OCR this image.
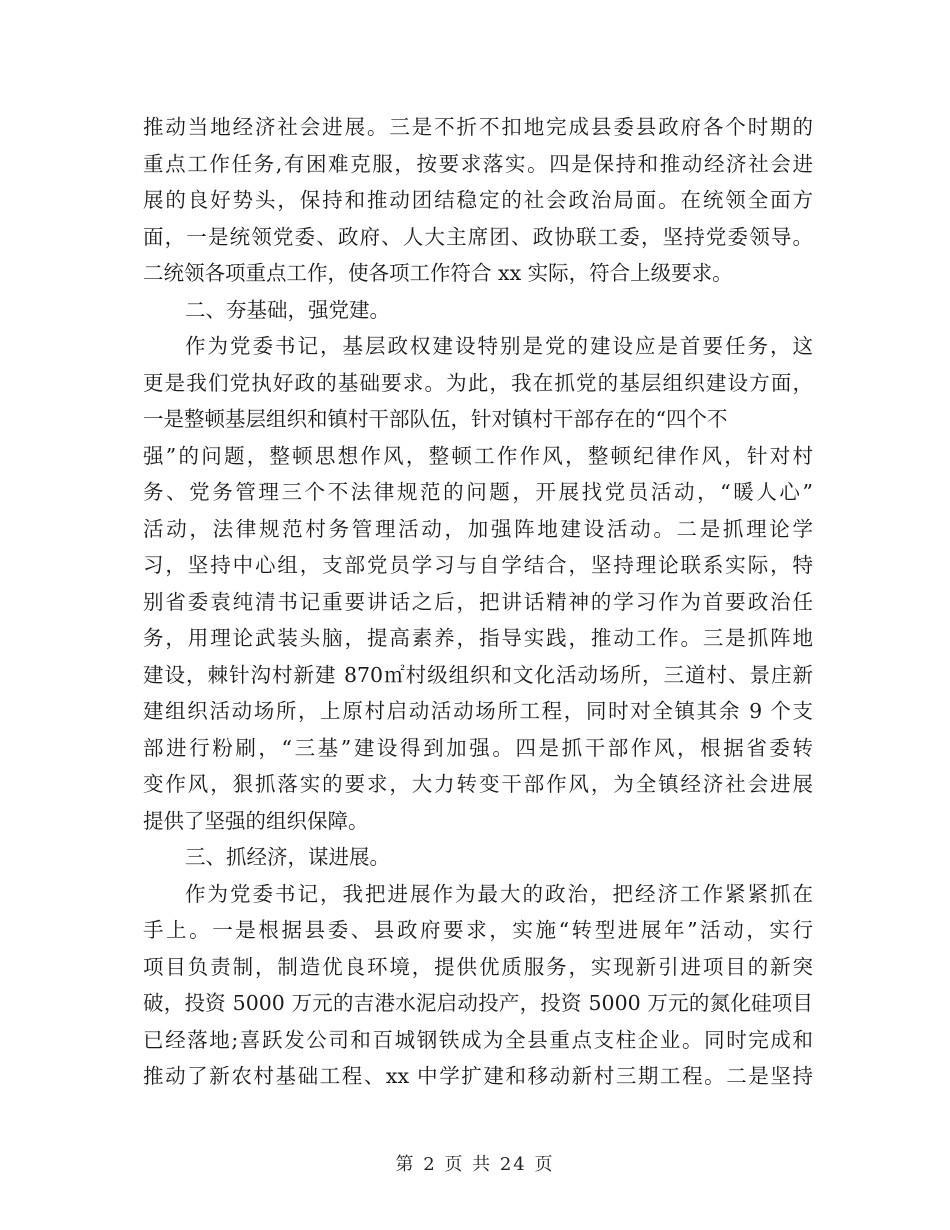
推动当地经济社会进展。三是不折不扣地完成县委县政府各个时期的
重点工作任务,有困难克服，按要求落实。四是保持和推动经济社会进
展的良好势头，保持和推动团结稳定的社会政治局面。在统领全面方
面，一是统领党委、政府、人大主席团、政协联工委，坚持党委领导。
二统领各项重点工作，使各项工作符合 xx 实际，符合上级要求。
二、夯基础，强党建。
作为党委书记，基层政权建设特别是党的建设应是首要任务，这
更是我们党执好政的基础要求。为此，我在抓党的基层组织建设方面，
一是整顿基层组织和镇村干部队伍，针对镇村干部存在的“四个不
强”的问题，整顿思想作风，整顿工作作风，整顿纪律作风，针对村
务、党务管理三个不法律规范的问题，开展找党员活动，“暖人心”
活动，法律规范村务管理活动，加强阵地建设活动。二是抓理论学
习，坚持中心组，支部党员学习与自学结合，坚持理论联系实际，特
别省委袁纯清书记重要讲话之后，把讲话精神的学习作为首要政治任
务，用理论武装头脑，提高素养，指导实践，推动工作。三是抓阵地
建设，棘针沟村新建 870㎡村级组织和文化活动场所，三道村、景庄新
建组织活动场所，上原村启动活动场所工程，同时对全镇其余 9 个支
部进行粉刷，“三基”建设得到加强。四是抓干部作风，根据省委转
变作风，狠抓落实的要求，大力转变干部作风，为全镇经济社会进展
提供了坚强的组织保障。
三、抓经济，谋进展。
作为党委书记，我把进展作为最大的政治，把经济工作紧紧抓在
手上。一是根据县委、县政府要求，实施“转型进展年”活动，实行
项目负责制，制造优良环境，提供优质服务，实现新引进项目的新突
破，投资 5000 万元的吉港水泥启动投产，投资 5000 万元的氮化硅项目
已经落地;喜跃发公司和百城钢铁成为全县重点支柱企业。同时完成和
推动了新农村基础工程、xx 中学扩建和移动新村三期工程。二是坚持
第 2 页 共 24 页
